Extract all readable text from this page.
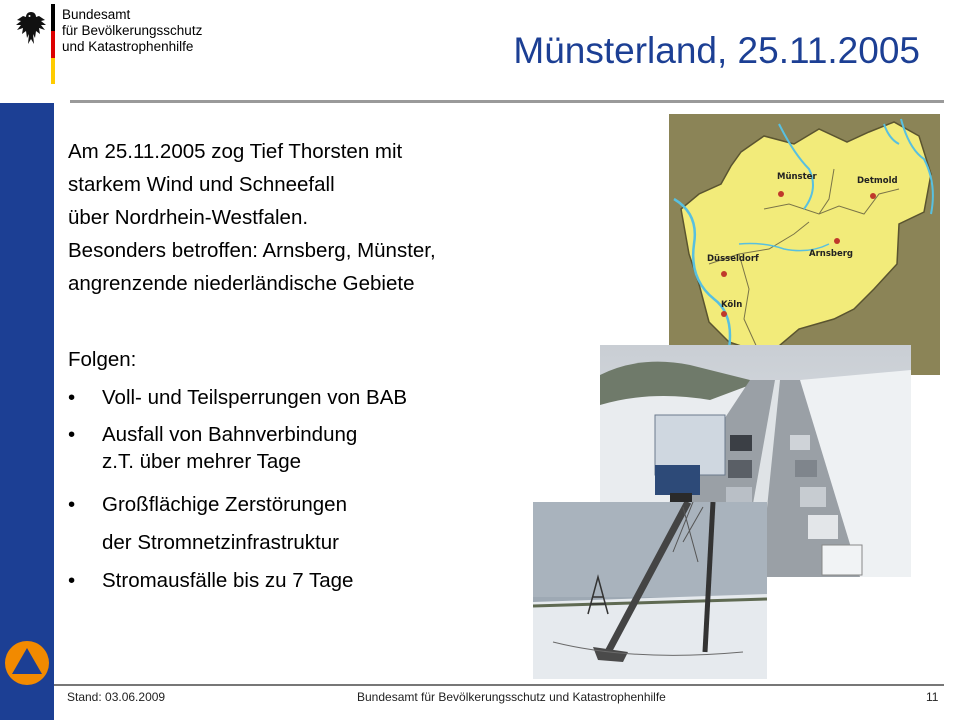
Bundesamt
für Bevölkerungsschutz
und Katastrophenhilfe	Münsterland, 25.11.2005
Am 25.11.2005 zog Tief Thorsten mit
starkem Wind und Schneefall
über Nordrhein-Westfalen.
Besonders betroffen: Arnsberg, Münster,
angrenzende niederländische Gebiete
Folgen:
• Voll- und Teilsperrungen von BAB
• Ausfall von Bahnverbindung
z.T. über mehrer Tage
• Großflächige Zerstörungen
der Stromnetzinfrastruktur
• Stromausfälle bis zu 7 Tage
Münster	Detmold
Düsseldorf	Arnsberg
Köln
Stand: 03.06.2009	Bundesamt für Bevölkerungsschutz und Katastrophenhilfe	11
